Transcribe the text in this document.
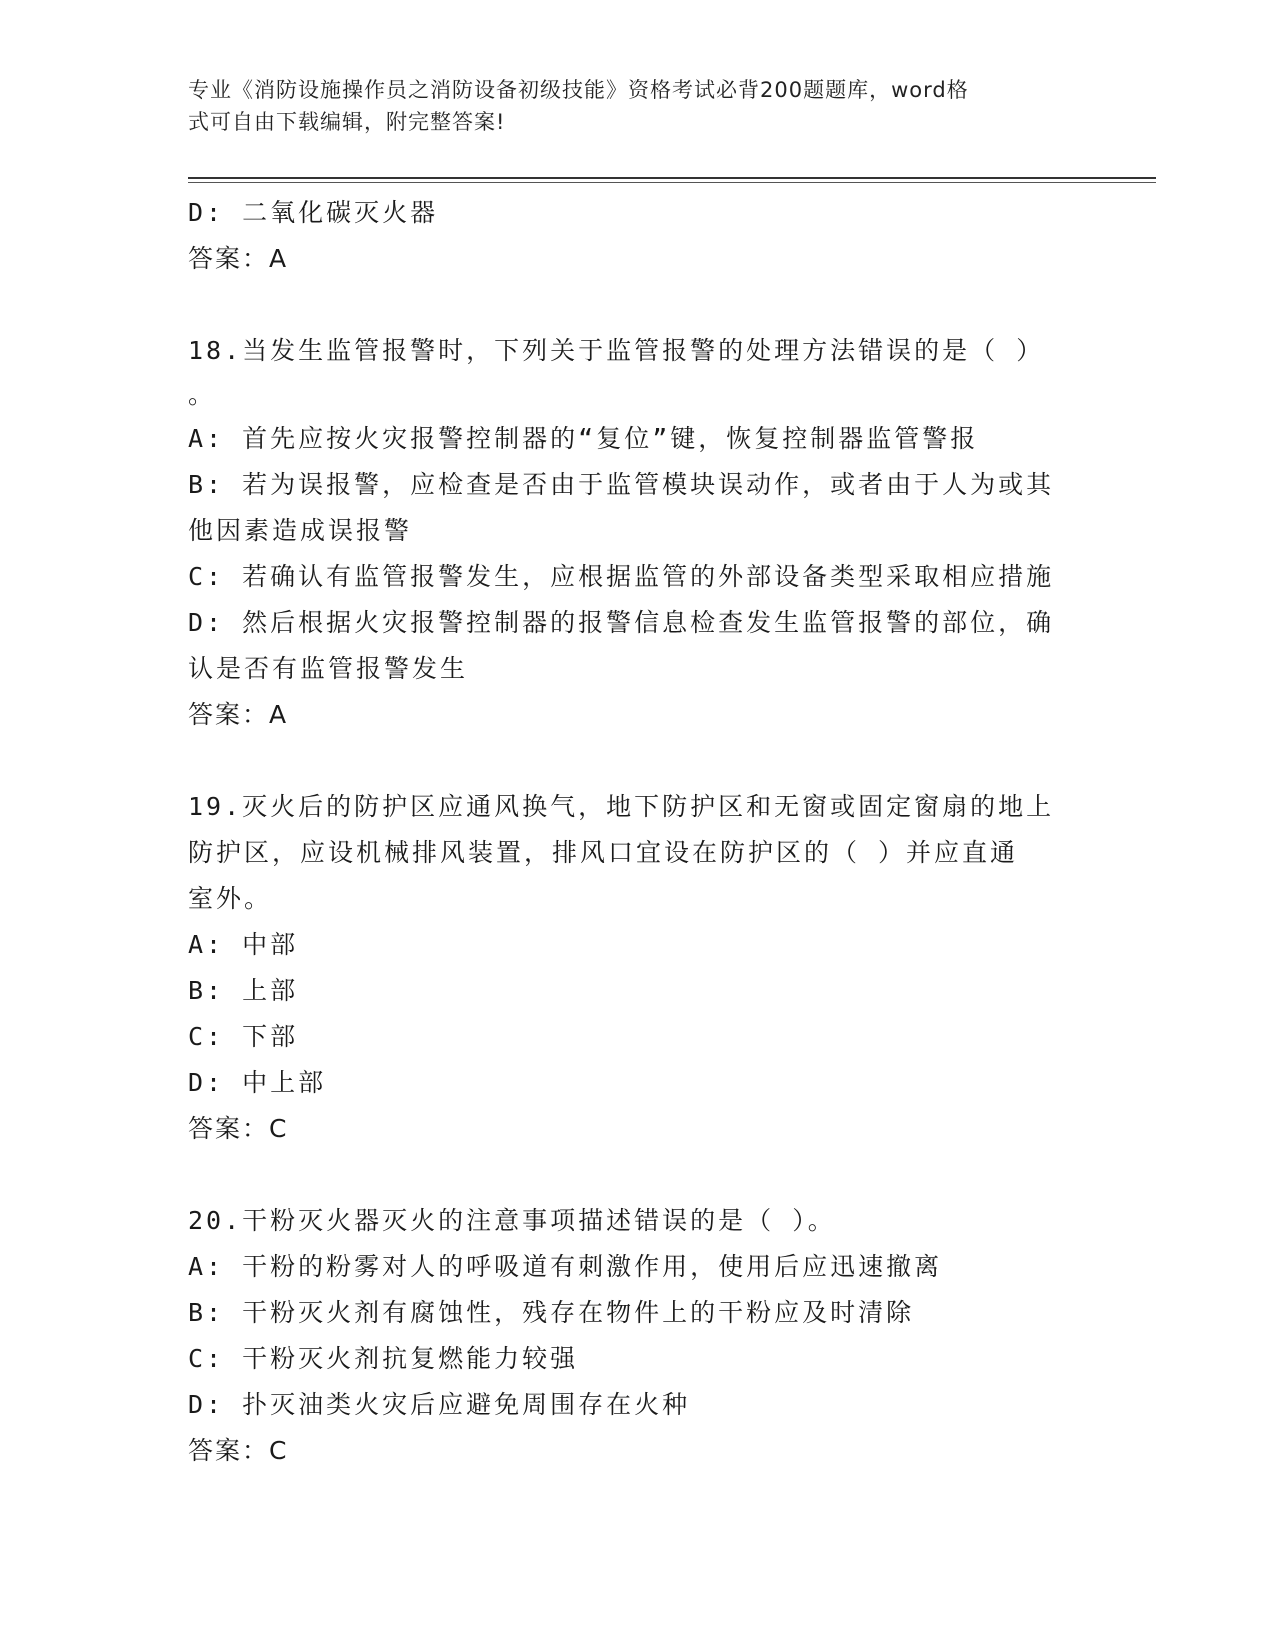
专业《消防设施操作员之消防设备初级技能》资格考试必背200题题库，word格
式可自由下载编辑，附完整答案!
D: 二氧化碳灭火器
答案：A
18.当发生监管报警时，下列关于监管报警的处理方法错误的是（ ）
。
A: 首先应按火灾报警控制器的“复位”键，恢复控制器监管警报
B: 若为误报警，应检查是否由于监管模块误动作，或者由于人为或其
他因素造成误报警
C: 若确认有监管报警发生，应根据监管的外部设备类型采取相应措施
D: 然后根据火灾报警控制器的报警信息检查发生监管报警的部位，确
认是否有监管报警发生
答案：A
19.灭火后的防护区应通风换气，地下防护区和无窗或固定窗扇的地上
防护区，应设机械排风装置，排风口宜设在防护区的（ ）并应直通
室外。
A: 中部
B: 上部
C: 下部
D: 中上部
答案：C
20.干粉灭火器灭火的注意事项描述错误的是（ ）。
A: 干粉的粉雾对人的呼吸道有刺激作用，使用后应迅速撤离
B: 干粉灭火剂有腐蚀性，残存在物件上的干粉应及时清除
C: 干粉灭火剂抗复燃能力较强
D: 扑灭油类火灾后应避免周围存在火种
答案：C
